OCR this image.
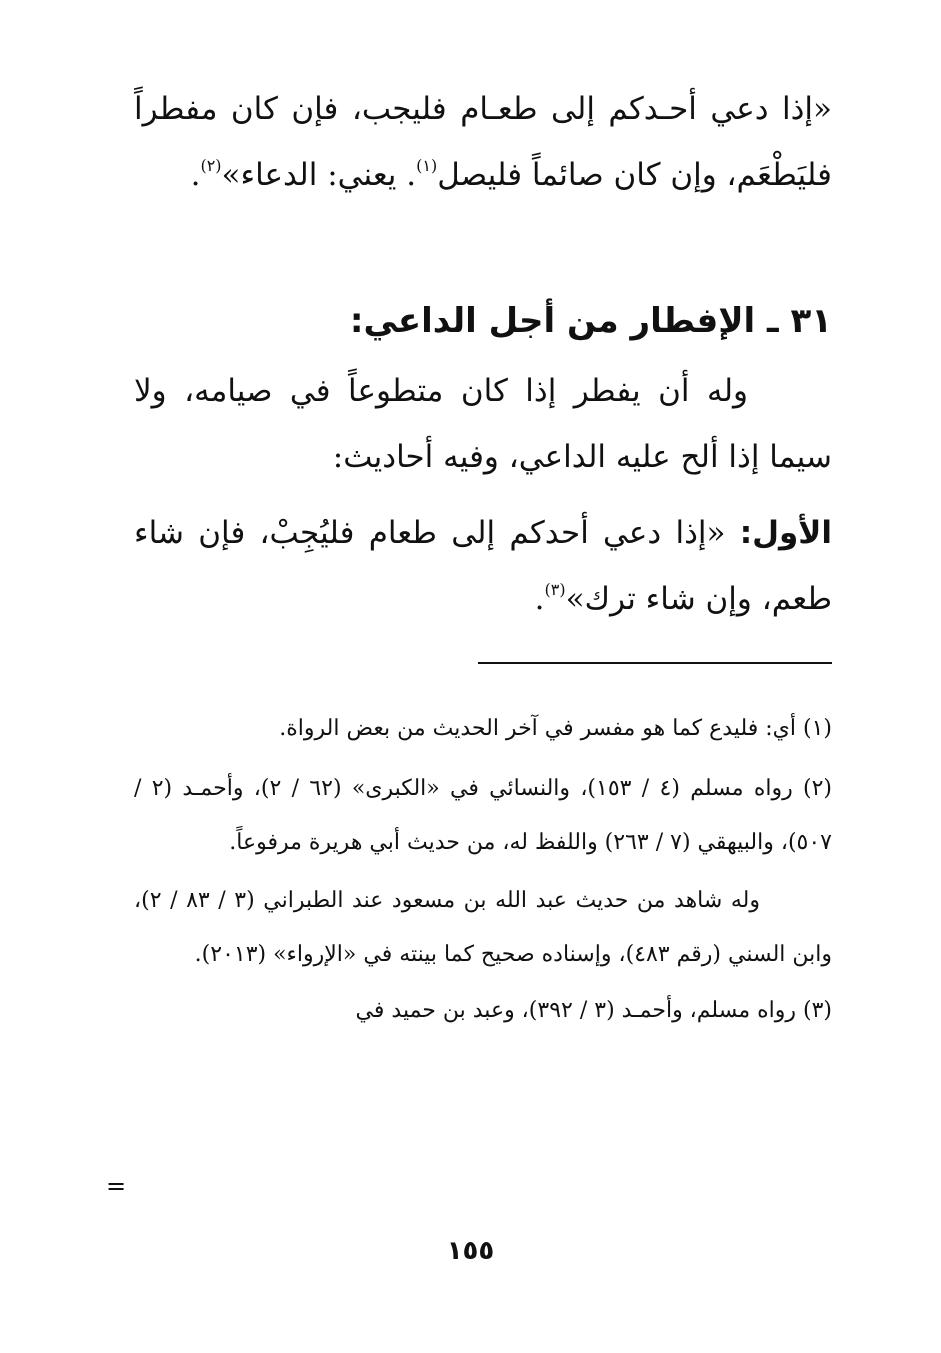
«إذا دعي أحـدكم إلى طعـام فليجب، فإن كان مفطراً فليَطْعَم، وإن كان صائماً فليصل$^{(١)}$. يعني: الدعاء»$^{(٢)}$.

٣١ ـ الإفطار من أجل الداعي:

وله أن يفطر إذا كان متطوعاً في صيامه، ولا سيما إذا ألح عليه الداعي، وفيه أحاديث:

الأول: «إذا دعي أحدكم إلى طعام فليُجِبْ، فإن شاء طعم، وإن شاء ترك»$^{(٣)}$.

(١) أي: فليدع كما هو مفسر في آخر الحديث من بعض الرواة.

(٢) رواه مسلم (٤ / ١٥٣)، والنسائي في «الكبرى» (٦٢ / ٢)، وأحمـد (٢ / ٥٠٧)، والبيهقي (٧ / ٢٦٣) واللفظ له، من حديث أبي هريرة مرفوعاً.

وله شاهد من حديث عبد الله بن مسعود عند الطبراني (٣ / ٨٣ / ٢)، وابن السني (رقم ٤٨٣)، وإسناده صحيح كما بينته في «الإرواء» (٢٠١٣).

(٣) رواه مسلم، وأحمـد (٣ / ٣٩٢)، وعبد بن حميد في

=
١٥٥
